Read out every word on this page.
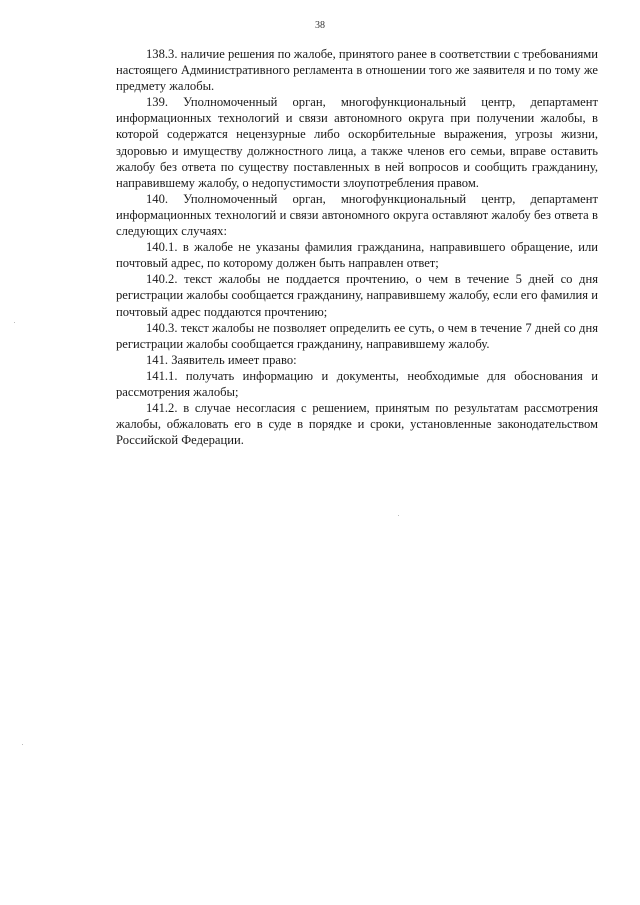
38

138.3. наличие решения по жалобе, принятого ранее в соответствии с требованиями настоящего Административного регламента в отношении того же заявителя и по тому же предмету жалобы.

139. Уполномоченный орган, многофункциональный центр, департамент информационных технологий и связи автономного округа при получении жалобы, в которой содержатся нецензурные либо оскорбительные выражения, угрозы жизни, здоровью и имуществу должностного лица, а также членов его семьи, вправе оставить жалобу без ответа по существу поставленных в ней вопросов и сообщить гражданину, направившему жалобу, о недопустимости злоупотребления правом.

140. Уполномоченный орган, многофункциональный центр, департамент информационных технологий и связи автономного округа оставляют жалобу без ответа в следующих случаях:

140.1. в жалобе не указаны фамилия гражданина, направившего обращение, или почтовый адрес, по которому должен быть направлен ответ;

140.2. текст жалобы не поддается прочтению, о чем в течение 5 дней со дня регистрации жалобы сообщается гражданину, направившему жалобу, если его фамилия и почтовый адрес поддаются прочтению;

140.3. текст жалобы не позволяет определить ее суть, о чем в течение 7 дней со дня регистрации жалобы сообщается гражданину, направившему жалобу.

141. Заявитель имеет право:

141.1. получать информацию и документы, необходимые для обоснования и рассмотрения жалобы;

141.2. в случае несогласия с решением, принятым по результатам рассмотрения жалобы, обжаловать его в суде в порядке и сроки, установленные законодательством Российской Федерации.
